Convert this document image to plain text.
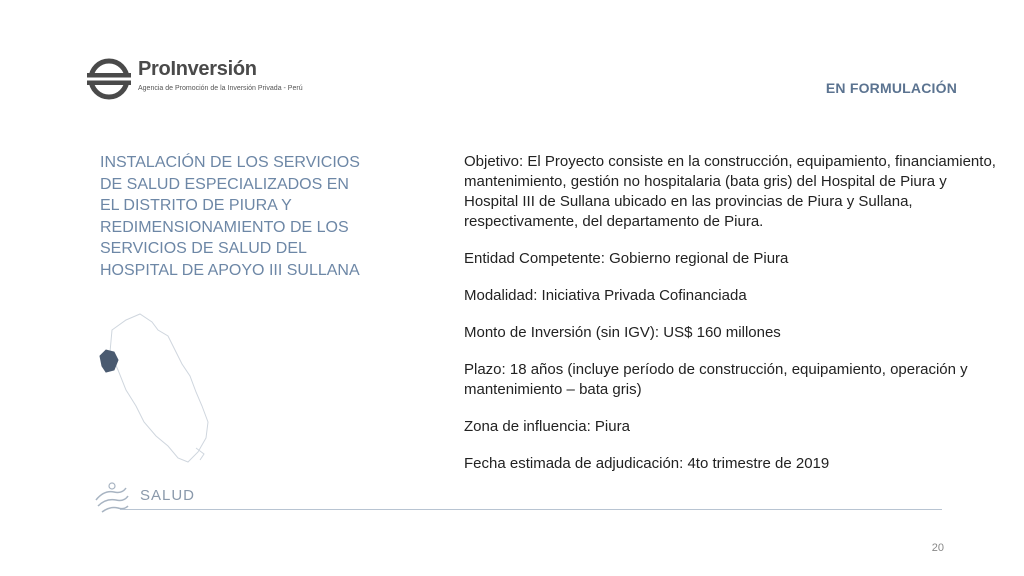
ProInversión
Agencia de Promoción de la Inversión Privada - Perú	EN FORMULACIÓN
INSTALACIÓN DE LOS SERVICIOS DE SALUD ESPECIALIZADOS EN EL DISTRITO DE PIURA Y REDIMENSIONAMIENTO DE LOS SERVICIOS DE SALUD DEL HOSPITAL DE APOYO III SULLANA

Objetivo: El Proyecto consiste en la construcción, equipamiento, financiamiento, mantenimiento, gestión no hospitalaria (bata gris) del Hospital de Piura y Hospital III de Sullana ubicado en las provincias de Piura y Sullana, respectivamente, del departamento de Piura.

Entidad Competente: Gobierno regional de Piura

Modalidad: Iniciativa Privada Cofinanciada

Monto de Inversión (sin IGV): US$ 160 millones

Plazo: 18 años (incluye período de construcción, equipamiento, operación y mantenimiento – bata gris)

Zona de influencia: Piura

Fecha estimada de adjudicación: 4to trimestre de 2019

SALUD
20
